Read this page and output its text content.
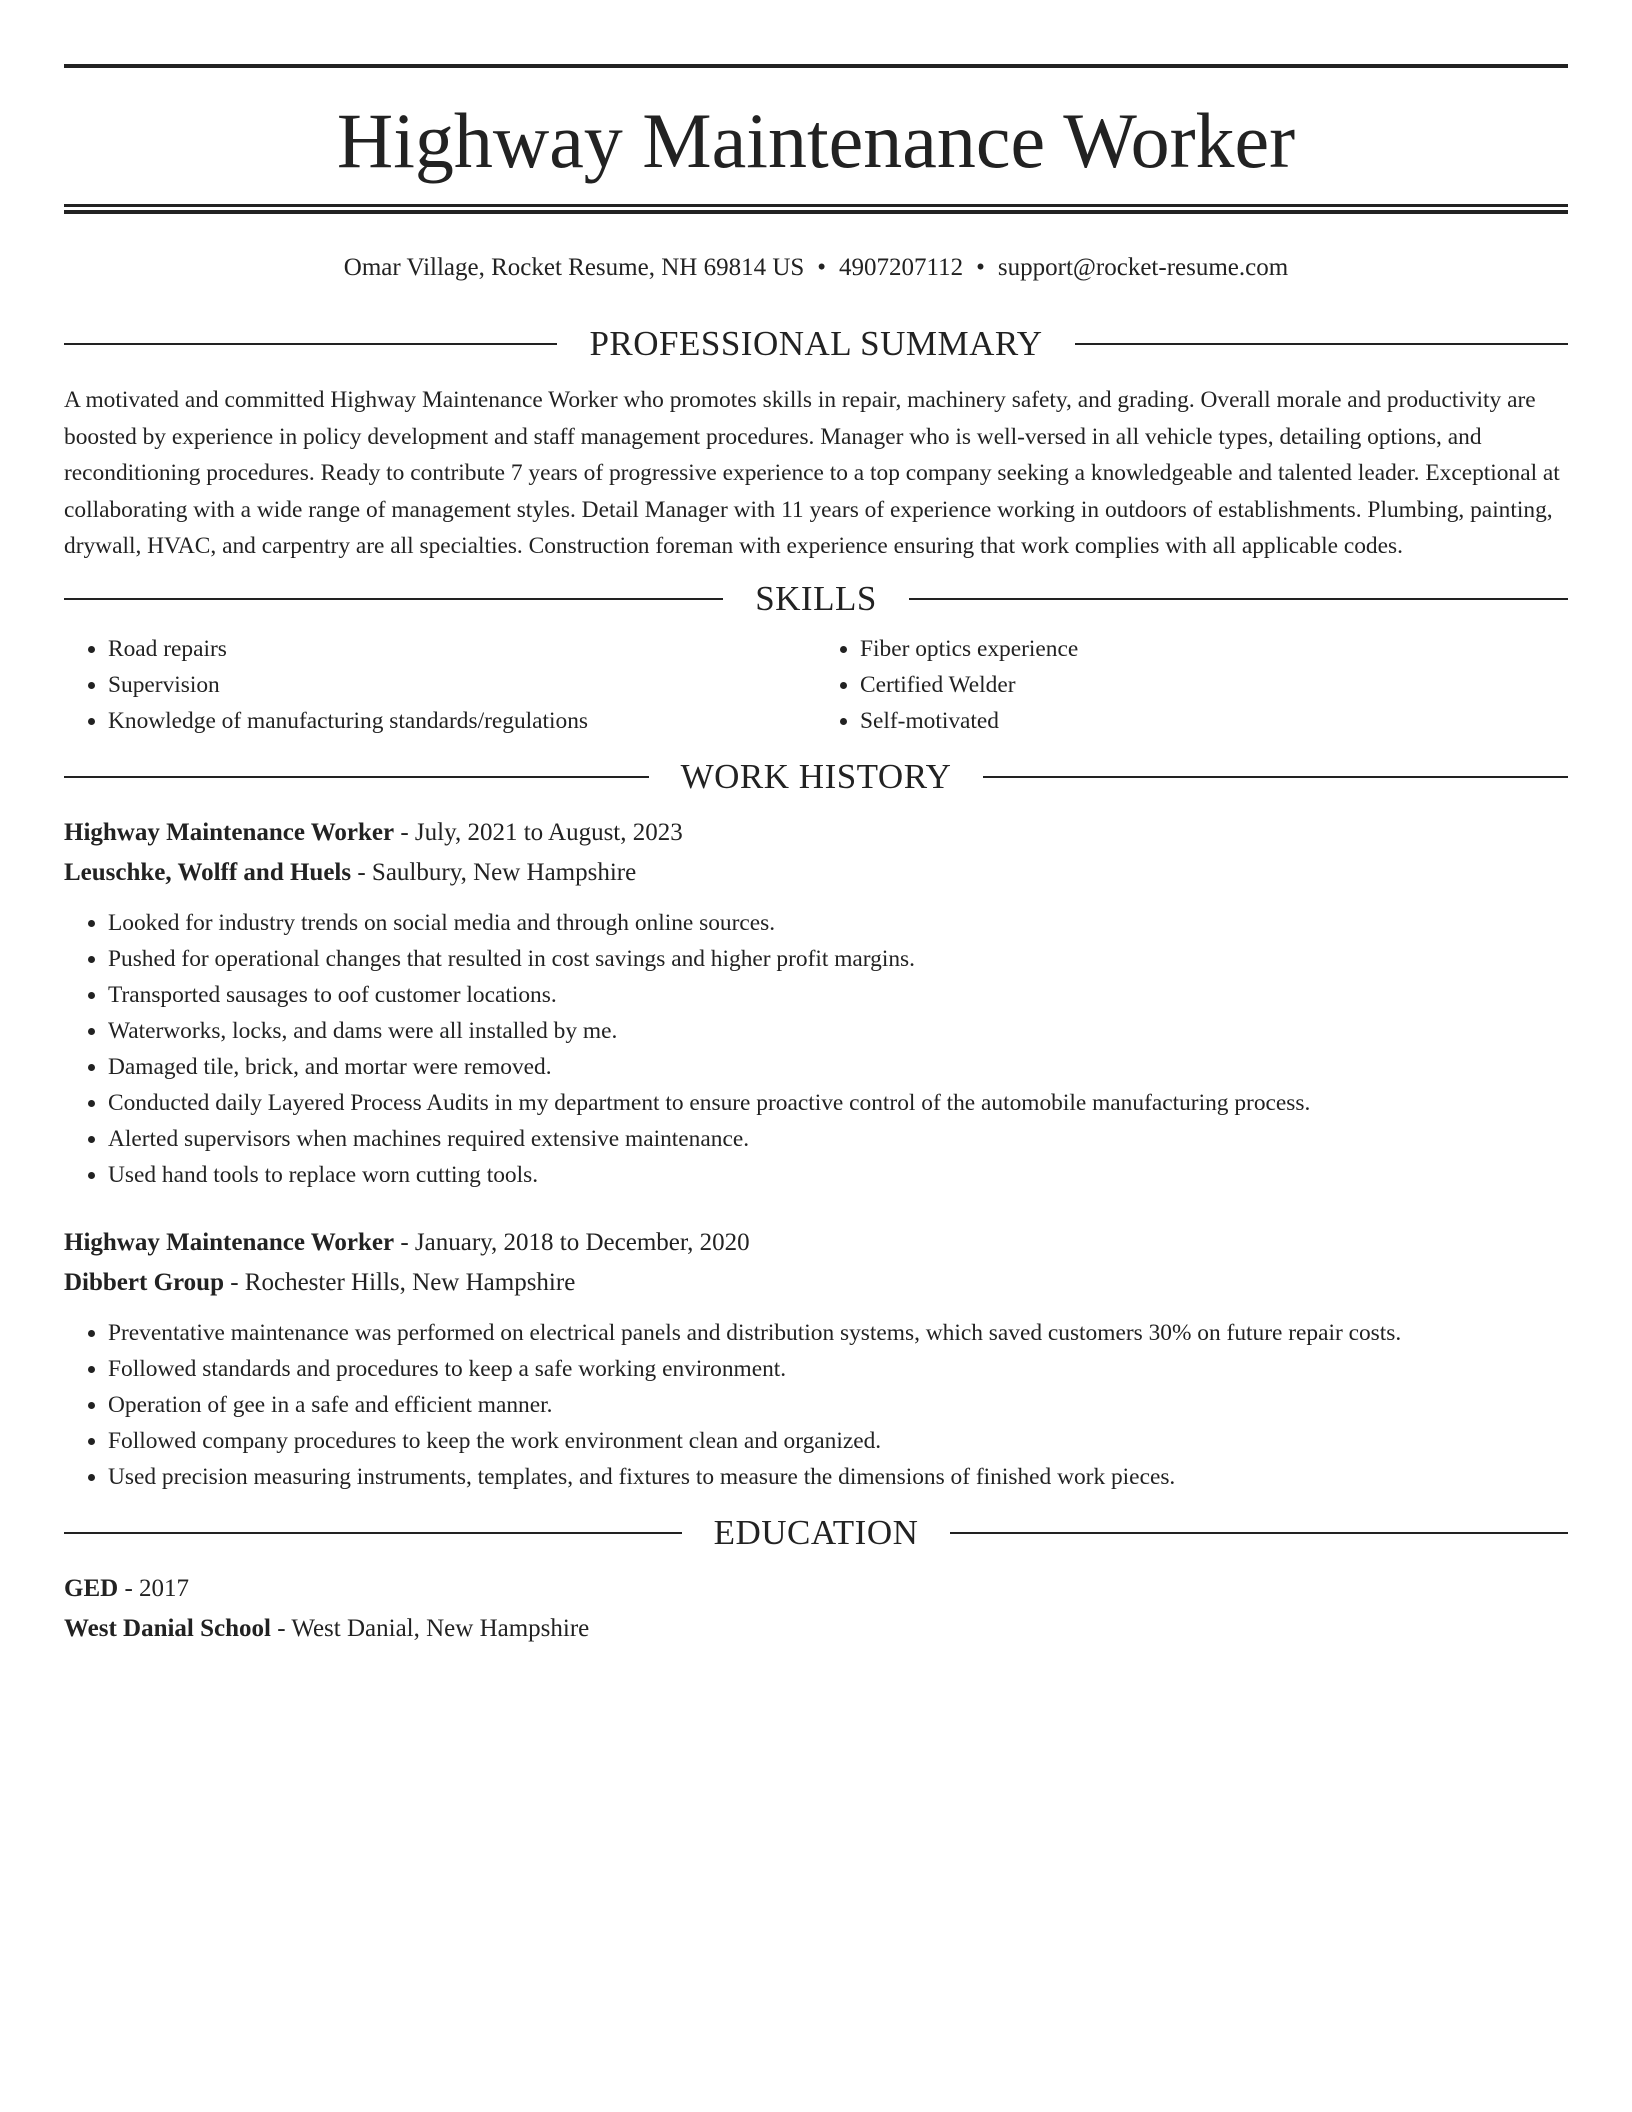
Highway Maintenance Worker
Omar Village, Rocket Resume, NH 69814 US • 4907207112 • support@rocket-resume.com
PROFESSIONAL SUMMARY

A motivated and committed Highway Maintenance Worker who promotes skills in repair, machinery safety, and grading. Overall morale and productivity are boosted by experience in policy development and staff management procedures. Manager who is well-versed in all vehicle types, detailing options, and reconditioning procedures. Ready to contribute 7 years of progressive experience to a top company seeking a knowledgeable and talented leader. Exceptional at collaborating with a wide range of management styles. Detail Manager with 11 years of experience working in outdoors of establishments. Plumbing, painting, drywall, HVAC, and carpentry are all specialties. Construction foreman with experience ensuring that work complies with all applicable codes.

SKILLS
• Road repairs
• Supervision
• Knowledge of manufacturing standards/regulations
• Fiber optics experience
• Certified Welder
• Self-motivated
WORK HISTORY
Highway Maintenance Worker - July, 2021 to August, 2023
Leuschke, Wolff and Huels - Saulbury, New Hampshire
• Looked for industry trends on social media and through online sources.
• Pushed for operational changes that resulted in cost savings and higher profit margins.
• Transported sausages to oof customer locations.
• Waterworks, locks, and dams were all installed by me.
• Damaged tile, brick, and mortar were removed.
• Conducted daily Layered Process Audits in my department to ensure proactive control of the automobile manufacturing process.
• Alerted supervisors when machines required extensive maintenance.
• Used hand tools to replace worn cutting tools.
Highway Maintenance Worker - January, 2018 to December, 2020
Dibbert Group - Rochester Hills, New Hampshire
• Preventative maintenance was performed on electrical panels and distribution systems, which saved customers 30% on future repair costs.
• Followed standards and procedures to keep a safe working environment.
• Operation of gee in a safe and efficient manner.
• Followed company procedures to keep the work environment clean and organized.
• Used precision measuring instruments, templates, and fixtures to measure the dimensions of finished work pieces.
EDUCATION
GED - 2017
West Danial School - West Danial, New Hampshire
